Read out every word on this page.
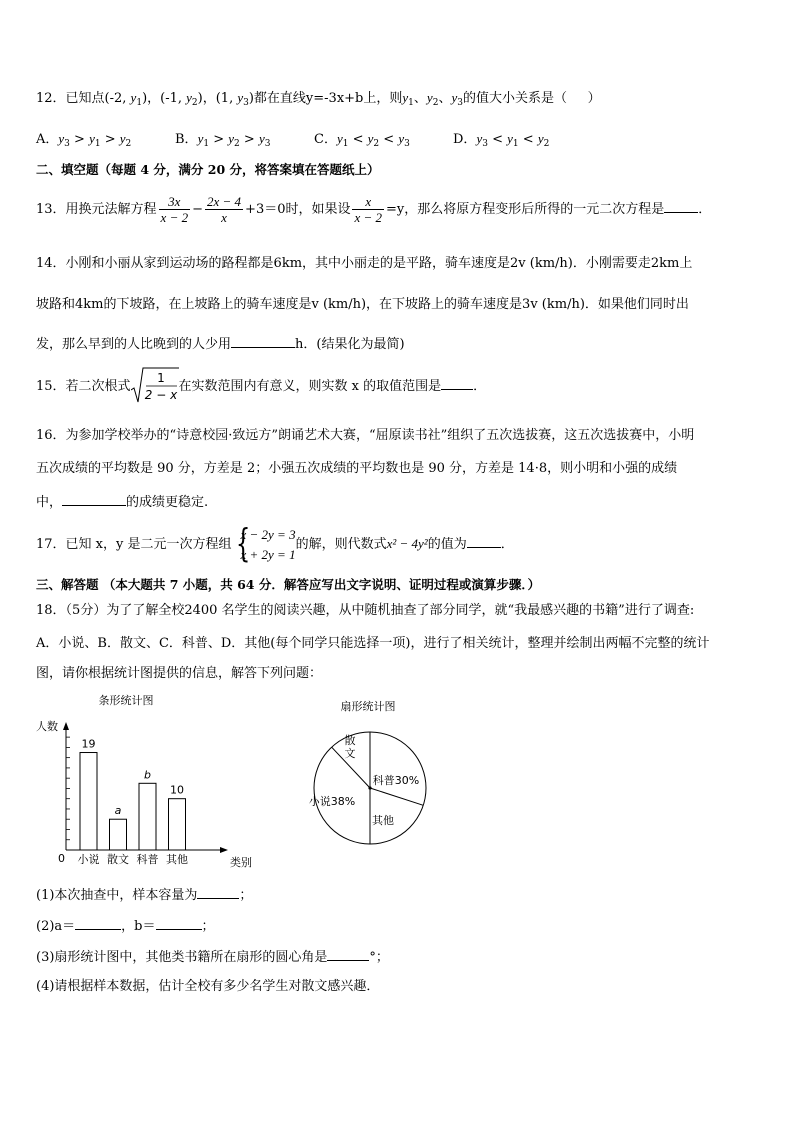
12．已知点(-2, $y_1$)，(-1, $y_2$)，(1, $y_3$)都在直线y=-3x+b上，则$y_1$、$y_2$、$y_3$的值大小关系是（     ）
A．$y_3 > y_1 > y_2$	B．$y_1 > y_2 > y_3$	C．$y_1 < y_2 < y_3$	D．$y_3 < y_1 < y_2$
二、填空题（每题 4 分，满分 20 分，将答案填在答题纸上）
13．用换元法解方程 $\frac{3x}{x - 2} - \frac{2x - 4}{x} +3=0$时，如果设 $\frac{x}{x - 2} =y$，那么将原方程变形后所得的一元二次方程是	．
14．小刚和小丽从家到运动场的路程都是6km，其中小丽走的是平路，骑车速度是2v (km/h)．小刚需要走2km上
坡路和4km的下坡路，在上坡路上的骑车速度是v (km/h)，在下坡路上的骑车速度是3v (km/h)．如果他们同时出
发，那么早到的人比晚到的人少用	h．(结果化为最简)
15．若二次根式
1
2 − x
在实数范围内有意义，则实数 x 的取值范围是 ．
16．为参加学校举办的“诗意校园·致远方”朗诵艺术大赛，“屈原读书社”组织了五次选拔赛，这五次选拔赛中，小明
五次成绩的平均数是 90 分，方差是 2；小强五次成绩的平均数也是 90 分，方差是 14·8，则小明和小强的成绩
中，	的成绩更稳定.
17．已知 x，y 是二元一次方程组 {
x − 2y = 3
x + 2y = 1
的解，则代数式x² − 4y²的值为	．
三、解答题 （本大题共 7 小题，共 64 分．解答应写出文字说明、证明过程或演算步骤．）
18．（5分）为了了解全校2400 名学生的阅读兴趣，从中随机抽查了部分同学，就“我最感兴趣的书籍”进行了调查:
A．小说、B．散文、C．科普、D．其他(每个同学只能选择一项)，进行了相关统计，整理并绘制出两幅不完整的统计
图，请你根据统计图提供的信息，解答下列问题：
条形统计图
人数
类别
0
19
小说
a
散文
b
科普
10
其他
扇形统计图
小说38%
散
文
科普30%
其他
(1)本次抽查中，样本容量为	；
(2)a＝	，b＝	；
(3)扇形统计图中，其他类书籍所在扇形的圆心角是	°；
(4)请根据样本数据，估计全校有多少名学生对散文感兴趣．
